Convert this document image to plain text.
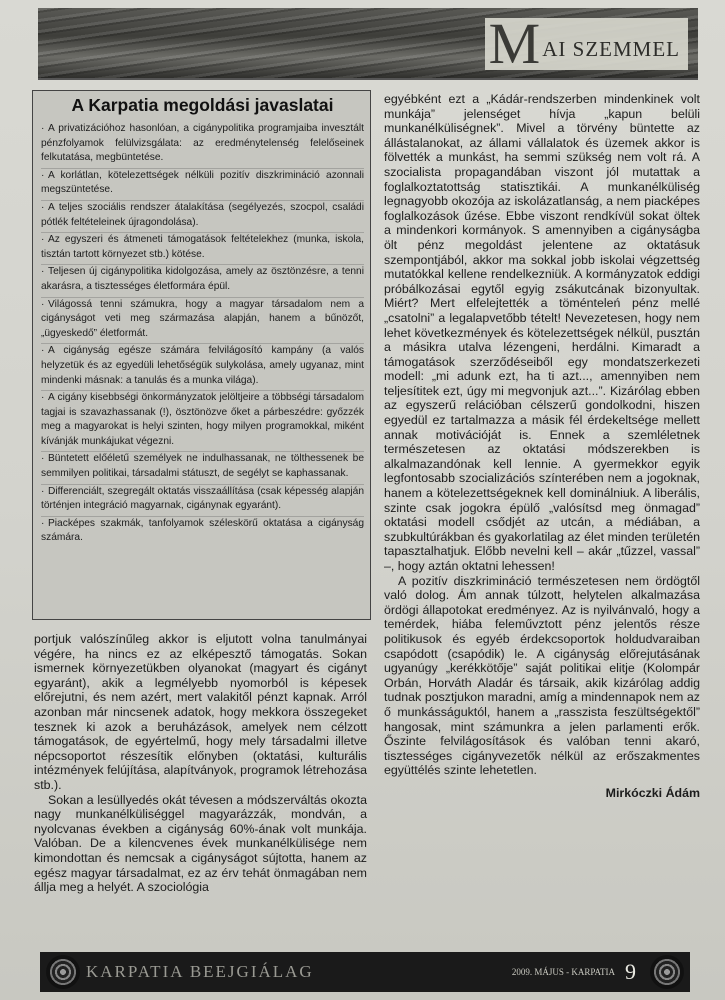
M AI SZEMMEL
A Karpatia megoldási javaslatai
· A privatizációhoz hasonlóan, a cigánypolitika programjaiba invesztált pénzfolyamok felülvizsgálata: az eredménytelenség felelőseinek felkutatása, megbüntetése.
· A korlátlan, kötelezettségek nélküli pozitív diszkrimináció azonnali megszüntetése.
· A teljes szociális rendszer átalakítása (segélyezés, szocpol, családi pótlék feltételeinek újragondolása).
· Az egyszeri és átmeneti támogatások feltételekhez (munka, iskola, tisztán tartott környezet stb.) kötése.
· Teljesen új cigánypolitika kidolgozása, amely az ösztönzésre, a tenni akarásra, a tisztességes életformára épül.
· Világossá tenni számukra, hogy a magyar társadalom nem a cigányságot veti meg származása alapján, hanem a bűnözőt, „ügyeskedő” életformát.
· A cigányság egésze számára felvilágosító kampány (a valós helyzetük és az egyedüli lehetőségük sulykolása, amely ugyanaz, mint mindenki másnak: a tanulás és a munka világa).
· A cigány kisebbségi önkormányzatok jelöltjeire a többségi társadalom tagjai is szavazhassanak (!), ösztönözve őket a párbeszédre: győzzék meg a magyarokat is helyi szinten, hogy milyen programokkal, miként kívánják munkájukat végezni.
· Büntetett előéletű személyek ne indulhassanak, ne tölthessenek be semmilyen politikai, társadalmi státuszt, de segélyt se kaphassanak.
· Differenciált, szegregált oktatás visszaállítása (csak képesség alapján történjen integráció magyarnak, cigánynak egyaránt).
· Piacképes szakmák, tanfolyamok széleskörű oktatása a cigányság számára.

portjuk valószínűleg akkor is eljutott volna tanulmányai végére, ha nincs ez az elképesztő támogatás. Sokan ismernek környezetükben olyanokat (magyart és cigányt egyaránt), akik a legmélyebb nyomorból is képesek előrejutni, és nem azért, mert valakitől pénzt kapnak. Arról azonban már nincsenek adatok, hogy mekkora összegeket tesznek ki azok a beruházások, amelyek nem célzott támogatások, de egyértelmű, hogy mely társadalmi illetve népcsoportot részesítik előnyben (oktatási, kulturális intézmények felújítása, alapítványok, programok létrehozása stb.).

Sokan a lesüllyedés okát tévesen a módszerváltás okozta nagy munkanélküliséggel magyarázzák, mondván, a nyolcvanas években a cigányság 60%-ának volt munkája. Valóban. De a kilencvenes évek munkanélkülisége nem kimondottan és nemcsak a cigányságot sújtotta, hanem az egész magyar társadalmat, ez az érv tehát önmagában nem állja meg a helyét. A szociológia

egyébként ezt a „Kádár-rendszerben mindenkinek volt munkája” jelenséget hívja „kapun belüli munkanélküliségnek”. Mivel a törvény büntette az állástalanokat, az állami vállalatok és üzemek akkor is fölvették a munkást, ha semmi szükség nem volt rá. A szocialista propagandában viszont jól mutattak a foglalkoztatottság statisztikái. A munkanélküliség legnagyobb okozója az iskolázatlanság, a nem piacképes foglalkozások űzése. Ebbe viszont rendkívül sokat öltek a mindenkori kormányok. S amennyiben a cigányságba ölt pénz megoldást jelentene az oktatásuk szempontjából, akkor ma sokkal jobb iskolai végzettség mutatókkal kellene rendelkezniük. A kormányzatok eddigi próbálkozásai egytől egyig zsákutcának bizonyultak. Miért? Mert elfelejtették a töménteleń pénz mellé „csatolni” a legalapvetőbb tételt! Nevezetesen, hogy nem lehet következmények és kötelezettségek nélkül, pusztán a másikra utalva lézengeni, herdálni. Kimaradt a támogatások szerződéseiből egy mondatszerkezeti modell: „mi adunk ezt, ha ti azt..., amennyiben nem teljesítitek ezt, úgy mi megvonjuk azt...”. Kizárólag ebben az egyszerű relációban célszerű gondolkodni, hiszen egyedül ez tartalmazza a másik fél érdekeltsége mellett annak motivációját is. Ennek a szemléletnek természetesen az oktatási módszerekben is alkalmazandónak kell lennie. A gyermekkor egyik legfontosabb szocializációs színterében nem a jogoknak, hanem a kötelezettségeknek kell dominálniuk. A liberális, szinte csak jogokra épülő „valósítsd meg önmagad” oktatási modell csődjét az utcán, a médiában, a szubkultúrákban és gyakorlatilag az élet minden területén tapasztalhatjuk. Előbb nevelni kell – akár „tűzzel, vassal” –, hogy aztán oktatni lehessen!

A pozitív diszkrimináció természetesen nem ördögtől való dolog. Ám annak túlzott, helytelen alkalmazása ördögi állapotokat eredményez. Az is nyilvánvaló, hogy a temérdek, hiába feleművztott pénz jelentős része politikusok és egyéb érdekcsoportok holdudvaraiban csapódott (csapódik) le. A cigányság előrejutásának ugyanúgy „kerékkötője” saját politikai elitje (Kolompár Orbán, Horváth Aladár és társaik, akik kizárólag addig tudnak posztjukon maradni, amíg a mindennapok nem az ő munkásságuktól, hanem a „rasszista feszültségektől” hangosak, mint számunkra a jelen parlamenti erők. Őszinte felvilágosítások és valóban tenni akaró, tisztességes cigányvezetők nélkül az erőszakmentes együttélés szinte lehetetlen.

Mirkóczki Ádám

KARPATIA BEEJGIÁLAG	2009. MÁJUS - KARPATIA 9
